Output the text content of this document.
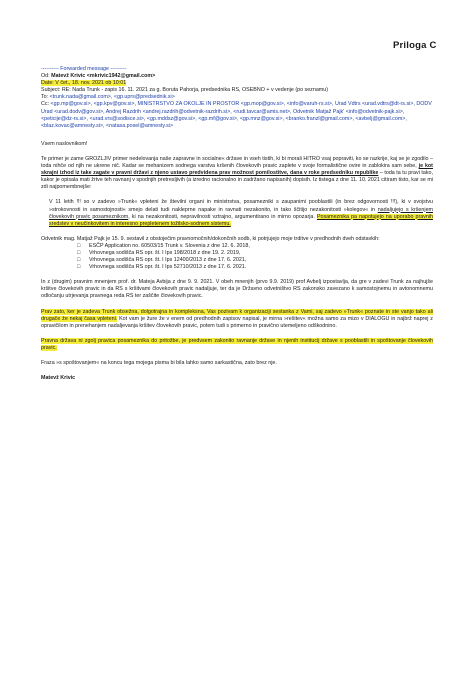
Priloga C

---------- Forwarded message ---------

Od: Matevž Krivic <mkrivic1942@gmail.com>

Date: V čet., 18. nov. 2021 ob 10:01

Subject: RE: Nada Trunk - zapis 16. 11. 2021 za g. Boruta Pahorja, predsednika RS, OSEBNO + v vedenje (po seznamu)

To: <trunk.nada@gmail.com>, <gp.uprs@predsednik.si>

Cc: <gp.mp@gov.si>, <gp.kpv@gov.si>, MINISTRSTVO ZA OKOLJE IN PROSTOR <gp.mop@gov.si>, <info@varuh-rs.si>, Urad Vdtrs <urad.vdtrs@dt-rs.si>, DODV Urad <urad.dodv@gov.si>, Andrej Razdrih <andrej.razdrih@odvetnik-razdrih.si>, <rudi.tavcar@amis.net>, Odvetnik Matjaž Pajk' <info@odvetnik-pajk.si>, <peticije@dz-rs.si>, <urad.vrs@sodisce.si>, <gp.mddsz@gov.si>, <gp.mf@gov.si>, <gp.mnz@gov.si>, <branko.franzl@gmail.com>, <avbelj@gmail.com>, <blaz.kovac@amnesty.si>, <natasa.posel@amnesty.si>

Vsem naslovnikom!

Te primer je zame GROZLJIV primer nedelovanja naše zapravne in socialne« države in vseh tistih, ki bi morali HITRO vsaj popraviti, ko se razkrije, kaj se je zgodilo – toda nihče od njih ne ukrene nič. Kadar se mehanizem sodnega varstva kršenih človekovih pravic zaplete v svoje formalistične ovire in zablokira sam sebe, je kot skrajni izhod iz take zagate v pravni državi z njeno ustavo predvidena prav možnost pomilostitve, dana v roke predsedniku republike – toda ta tu pravi tako, kakor je opisala mati žrtve teh ravnanj v spodnjih pretresljivih (a izredno racionalno in zadržano napisanih) dopisih. Iz tistega z dne 11. 10. 2021 citiram tisto, kar se mi zdi najpomembnejše:

V 11 letih !!! so v zadevo »Trunk« vpleteni že številni organi in ministrstva, posamezniki s zaupanimi pooblastili (in brez odgovornosti !!!), ki v svojstvu »strokovnosti in samostojnosti« smejo delati tudi nakleprne napake in ravnati nezakonito, in tako ščitijo nezakonitosti »kolegov« in nadaljujejo s kršenjem človekovih pravic posameznikom, ki na nezakonitosti, nepravilnosti vztrajno, argumentirano in mirno opozarja. Posameznika pa napotujejo na uporabo pravnih sredstev v neučinkovitem in interesno prepletenem tožilsko-sodnem sistemu.

Odvetnik mag. Matjaž Pajk je 15. 9. sestavil z obstoječim pravnomočnih/dokončnih sodb, ki potrjujejo moje trditve v predhodnih dveh odstavkih:

□ ESČP Application no. 60503/15 Trunk v. Slovenia z dne 12. 6. 2018,
□ Vrhovnega sodišča RS opr. št. I Ips 198/2018 z dne 19. 2. 2019,
□ Vrhovnega sodišča RS opr. št. I Ips 12400/2013 z dne 17. 6. 2021,
□ Vrhovnega sodišča RS opr. št. I Ips 52710/2013 z dne 17. 6. 2021.

In z (drugim) pravnim mnenjem prof. dr. Mateja Avbija z dne 9. 9. 2021. V obeh mnenjih (prvo 9.9. 2019) prof Avbelj izpostavlja, da gre v zadevi Trunk za najhujše kršitve človekovih pravic in da RS s kršitvami človekovih pravic nadaljuje, ter da je Državno odvetništvo RS zakonsko zavezano k samostojnemu in avtonomnemu odločanju utrjevanja pravnega reda RS ter zaščite človekovih pravic.

Prav zato, ker je zadeva Trunk obsežna, dolgotrajna in kompleksna, Vas pozivam k organizaciji sestanka z Vami, saj zadevo »Trunk« poznate in ste vanjo tako ali drugače že nekaj časa vpleteni. Kot vam je žure že v enem od predhodnih zapisov napisal, je mirna »rešitev« možna samo za mizo v DIALOGU in najbrž naprej z opravičilom in prenehanjem nadaljevanja kršitev človekovih pravic, potem tudi s primerno in pravično utemeljeno odškodnino.

Pravna država ni zgolj pravica posameznika do pritožbe, je predvsem zakonito ravnanje države in njenih institucij države s pooblastili in spoštovanje človekovih pravic.

Fraza »s spoštovanjem« na koncu tega mojega pisma bi bila lahko samo sarkastična, zato brez nje.

Matevž Krivic
